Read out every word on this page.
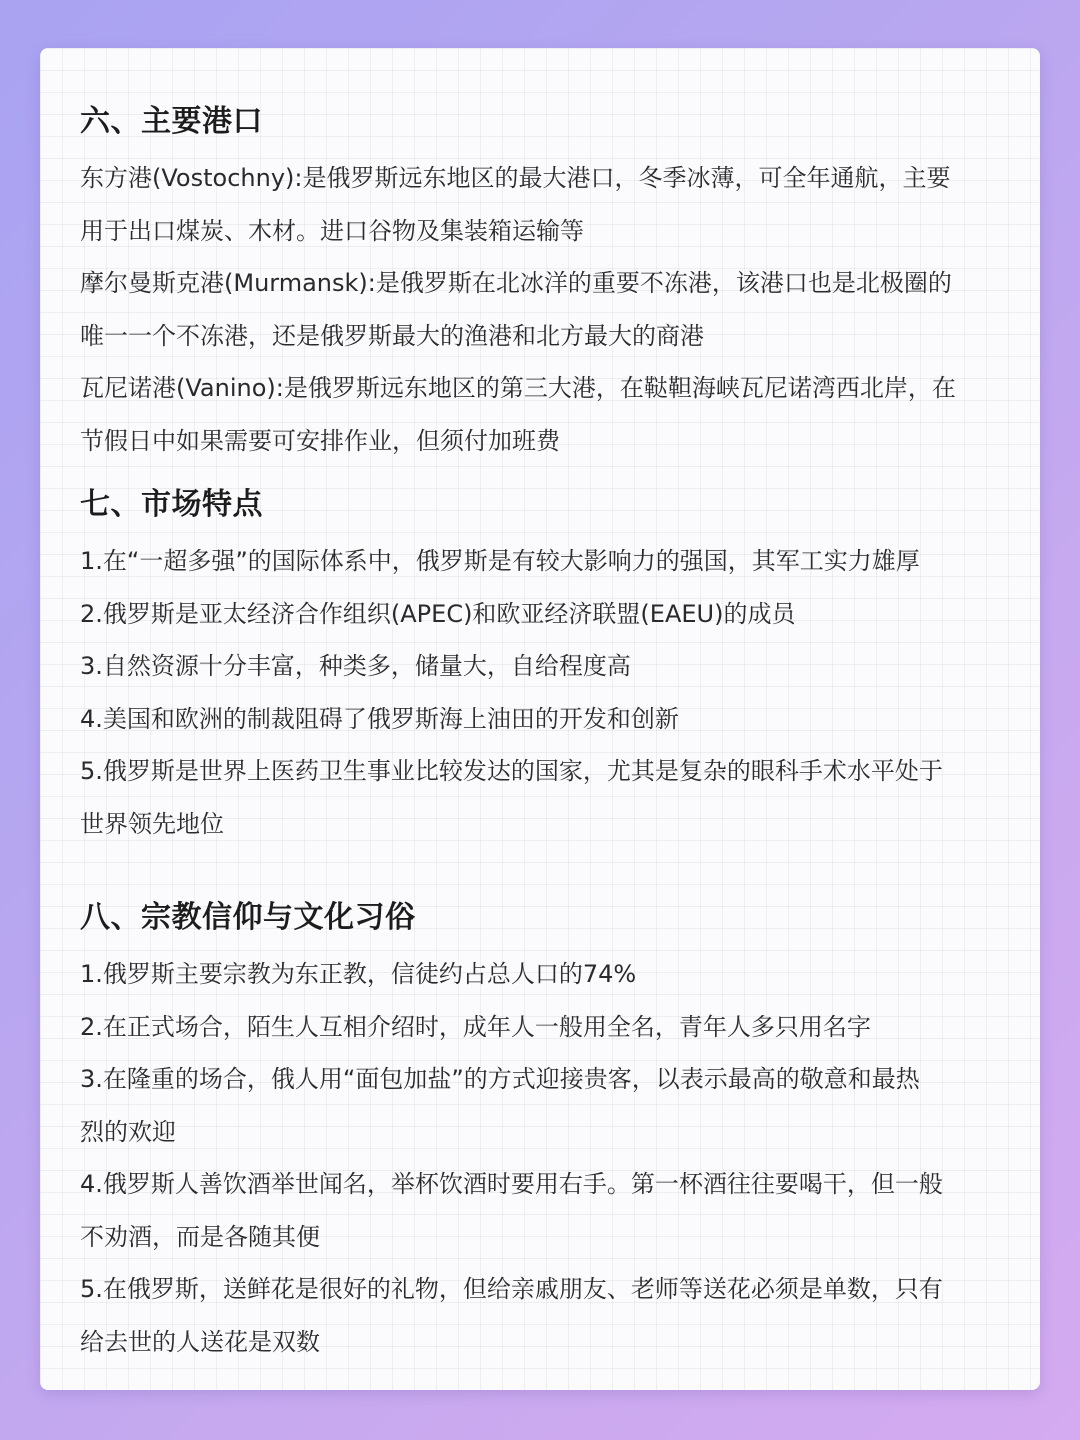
六、主要港口
东方港(Vostochny):是俄罗斯远东地区的最大港口，冬季冰薄，可全年通航，主要
用于出口煤炭、木材。进口谷物及集装箱运输等
摩尔曼斯克港(Murmansk):是俄罗斯在北冰洋的重要不冻港，该港口也是北极圈的
唯一一个不冻港，还是俄罗斯最大的渔港和北方最大的商港
瓦尼诺港(Vanino):是俄罗斯远东地区的第三大港，在鞑靼海峡瓦尼诺湾西北岸，在
节假日中如果需要可安排作业，但须付加班费
七、市场特点
1.在“一超多强”的国际体系中，俄罗斯是有较大影响力的强国，其军工实力雄厚
2.俄罗斯是亚太经济合作组织(APEC)和欧亚经济联盟(EAEU)的成员
3.自然资源十分丰富，种类多，储量大，自给程度高
4.美国和欧洲的制裁阻碍了俄罗斯海上油田的开发和创新
5.俄罗斯是世界上医药卫生事业比较发达的国家，尤其是复杂的眼科手术水平处于
世界领先地位
八、宗教信仰与文化习俗
1.俄罗斯主要宗教为东正教，信徒约占总人口的74%
2.在正式场合，陌生人互相介绍时，成年人一般用全名，青年人多只用名字
3.在隆重的场合，俄人用“面包加盐”的方式迎接贵客，以表示最高的敬意和最热
烈的欢迎
4.俄罗斯人善饮酒举世闻名，举杯饮酒时要用右手。第一杯酒往往要喝干，但一般
不劝酒，而是各随其便
5.在俄罗斯，送鲜花是很好的礼物，但给亲戚朋友、老师等送花必须是单数，只有
给去世的人送花是双数
